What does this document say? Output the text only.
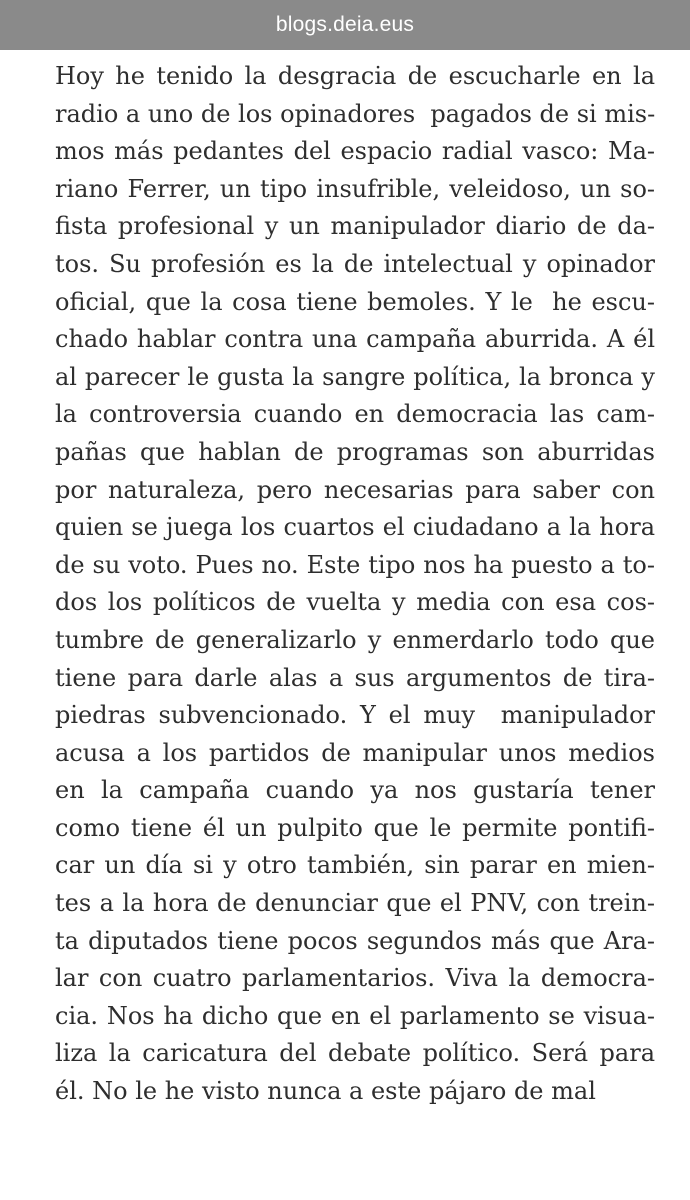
blogs.deia.eus
Hoy he tenido la desgracia de escucharle en la
radio a uno de los opinadores  pagados de si mis-
mos más pedantes del espacio radial vasco: Ma-
riano Ferrer, un tipo insufrible, veleidoso, un so-
fista profesional y un manipulador diario de da-
tos. Su profesión es la de intelectual y opinador
oficial, que la cosa tiene bemoles. Y le  he escu-
chado hablar contra una campaña aburrida. A él
al parecer le gusta la sangre política, la bronca y
la controversia cuando en democracia las cam-
pañas que hablan de programas son aburridas
por naturaleza, pero necesarias para saber con
quien se juega los cuartos el ciudadano a la hora
de su voto. Pues no. Este tipo nos ha puesto a to-
dos los políticos de vuelta y media con esa cos-
tumbre de generalizarlo y enmerdarlo todo que
tiene para darle alas a sus argumentos de tira-
piedras subvencionado. Y el muy  manipulador
acusa a los partidos de manipular unos medios
en la campaña cuando ya nos gustaría tener
como tiene él un pulpito que le permite pontifi-
car un día si y otro también, sin parar en mien-
tes a la hora de denunciar que el PNV, con trein-
ta diputados tiene pocos segundos más que Ara-
lar con cuatro parlamentarios. Viva la democra-
cia. Nos ha dicho que en el parlamento se visua-
liza la caricatura del debate político. Será para
él. No le he visto nunca a este pájaro de mal
